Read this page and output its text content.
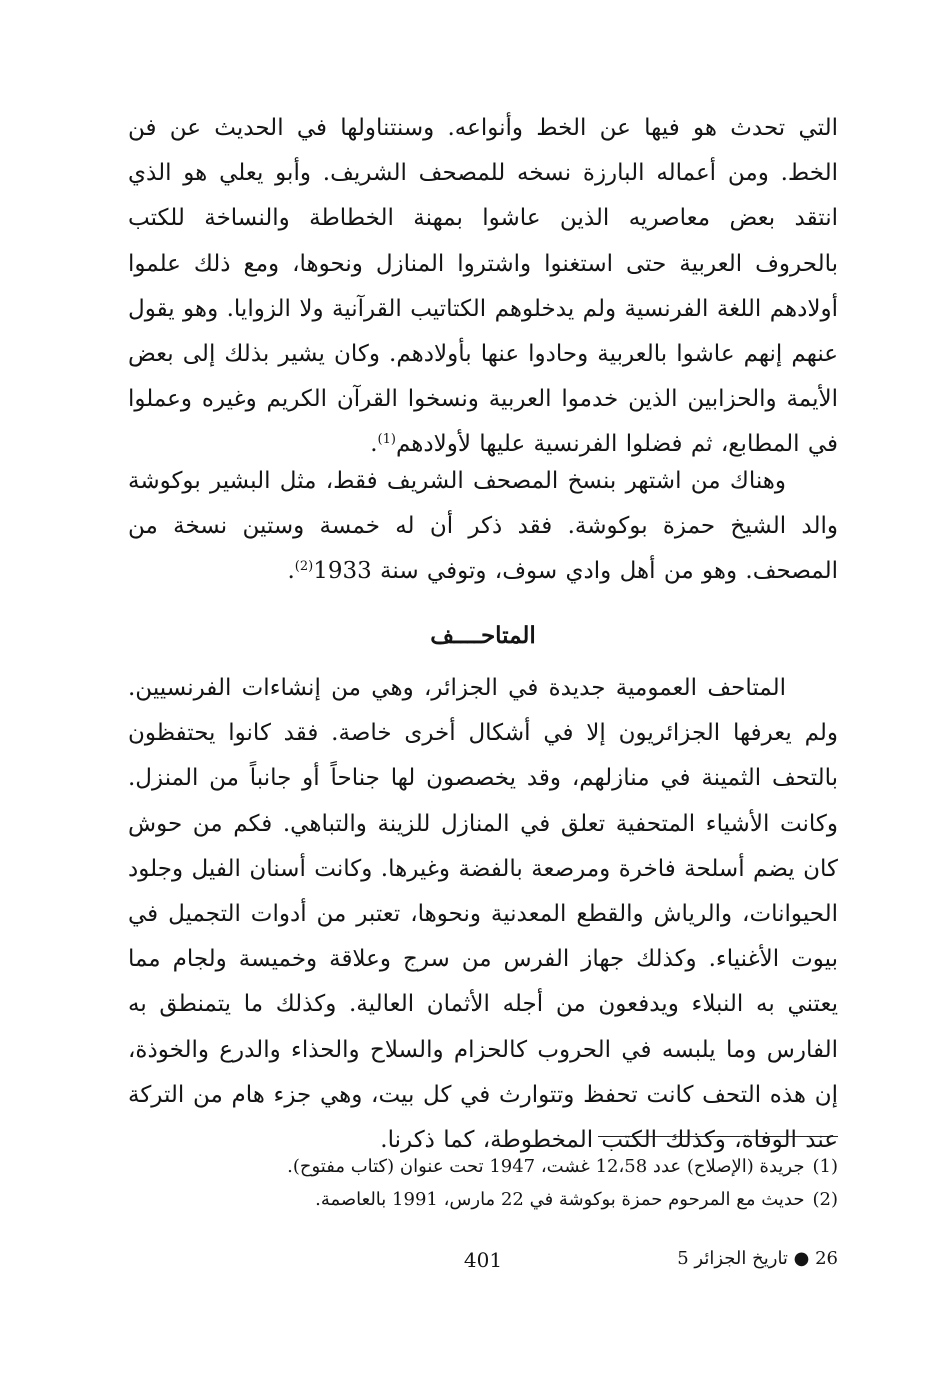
التي تحدث هو فيها عن الخط وأنواعه. وسنتناولها في الحديث عن فن الخط. ومن أعماله البارزة نسخه للمصحف الشريف. وأبو يعلي هو الذي انتقد بعض معاصريه الذين عاشوا بمهنة الخطاطة والنساخة للكتب بالحروف العربية حتى استغنوا واشتروا المنازل ونحوها، ومع ذلك علموا أولادهم اللغة الفرنسية ولم يدخلوهم الكتاتيب القرآنية ولا الزوايا. وهو يقول عنهم إنهم عاشوا بالعربية وحادوا عنها بأولادهم. وكان يشير بذلك إلى بعض الأيمة والحزابين الذين خدموا العربية ونسخوا القرآن الكريم وغيره وعملوا في المطابع، ثم فضلوا الفرنسية عليها لأولادهم$^{(1)}$.

وهناك من اشتهر بنسخ المصحف الشريف فقط، مثل البشير بوكوشة والد الشيخ حمزة بوكوشة. فقد ذكر أن له خمسة وستين نسخة من المصحف. وهو من أهل وادي سوف، وتوفي سنة 1933$^{(2)}$.

المتاحــــف

المتاحف العمومية جديدة في الجزائر، وهي من إنشاءات الفرنسيين. ولم يعرفها الجزائريون إلا في أشكال أخرى خاصة. فقد كانوا يحتفظون بالتحف الثمينة في منازلهم، وقد يخصصون لها جناحاً أو جانباً من المنزل. وكانت الأشياء المتحفية تعلق في المنازل للزينة والتباهي. فكم من حوش كان يضم أسلحة فاخرة ومرصعة بالفضة وغيرها. وكانت أسنان الفيل وجلود الحيوانات، والرياش والقطع المعدنية ونحوها، تعتبر من أدوات التجميل في بيوت الأغنياء. وكذلك جهاز الفرس من سرج وعلاقة وخميسة ولجام مما يعتني به النبلاء ويدفعون من أجله الأثمان العالية. وكذلك ما يتمنطق به الفارس وما يلبسه في الحروب كالحزام والسلاح والحذاء والدرع والخوذة، إن هذه التحف كانت تحفظ وتتوارث في كل بيت، وهي جزء هام من التركة عند الوفاة، وكذلك الكتب المخطوطة، كما ذكرنا.

(1)جريدة (الإصلاح) عدد 12،58 غشت، 1947 تحت عنوان (كتاب مفتوح).
(2)حديث مع المرحوم حمزة بوكوشة في 22 مارس، 1991 بالعاصمة.
401	26 ● تاريخ الجزائر 5
